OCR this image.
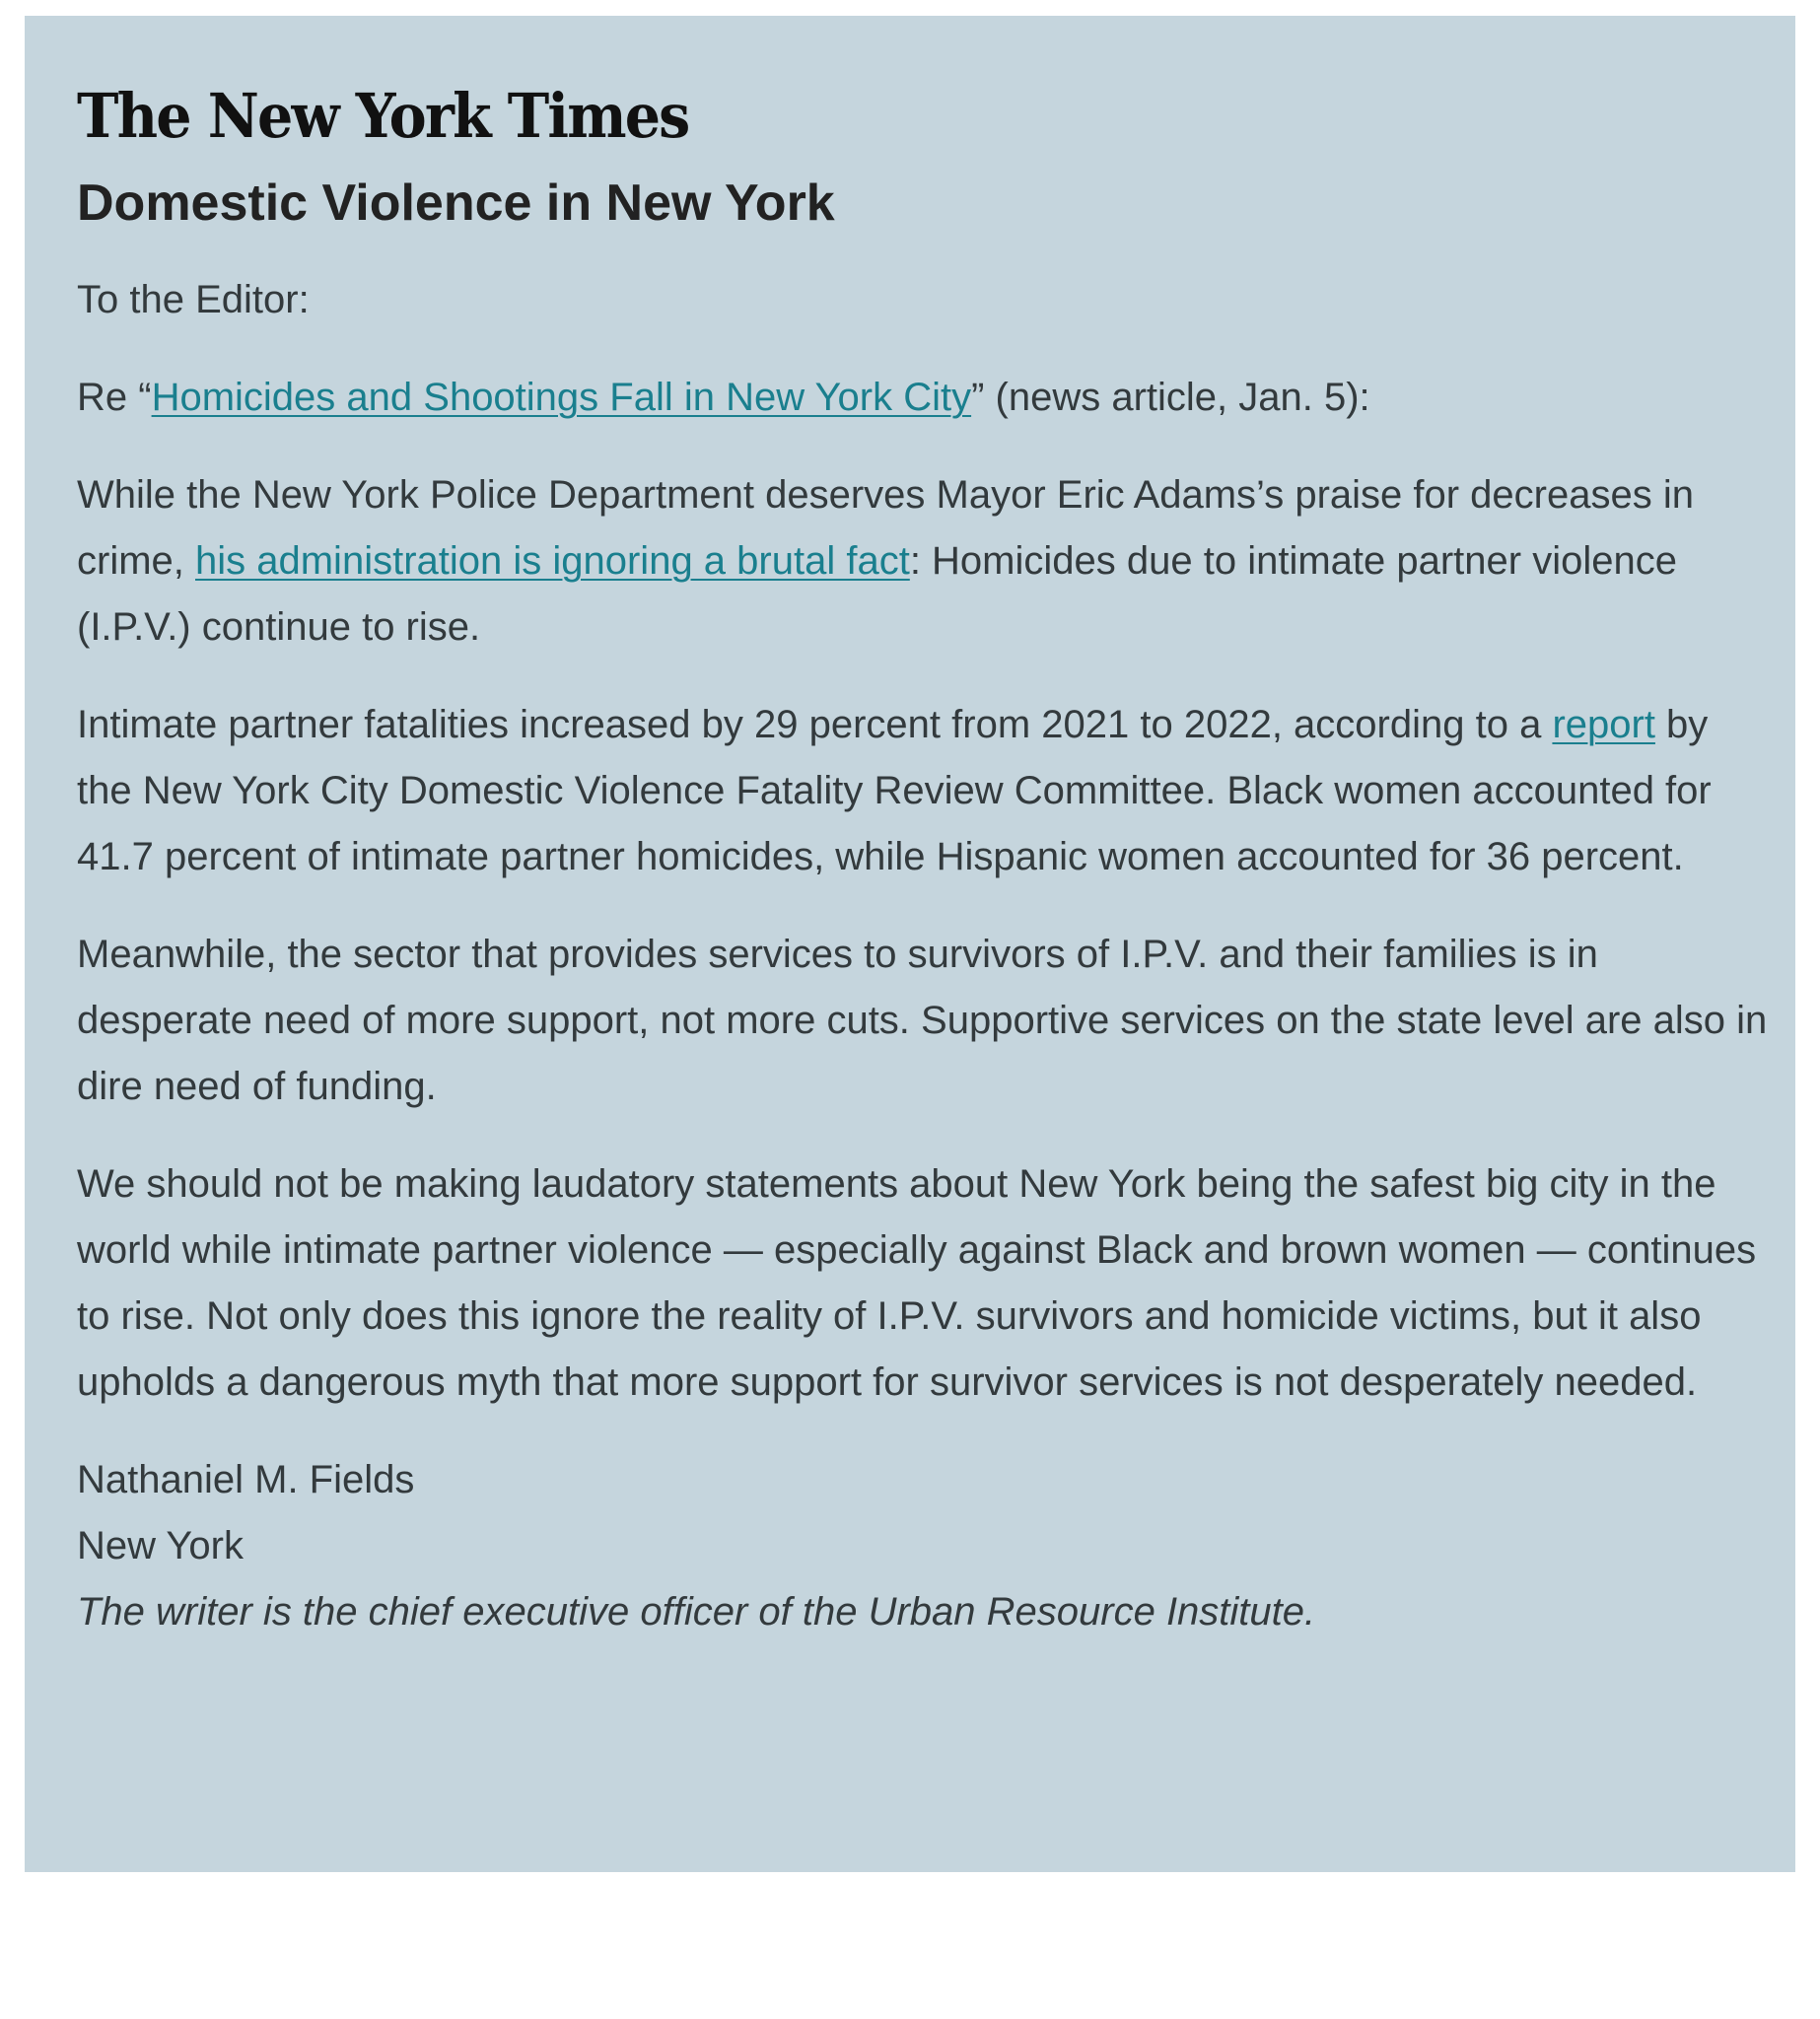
The New York Times
Domestic Violence in New York

To the Editor:

Re “Homicides and Shootings Fall in New York City” (news article, Jan. 5):

While the New York Police Department deserves Mayor Eric Adams’s praise for decreases in crime, his administration is ignoring a brutal fact: Homicides due to intimate partner violence (I.P.V.) continue to rise.

Intimate partner fatalities increased by 29 percent from 2021 to 2022, according to a report by the New York City Domestic Violence Fatality Review Committee. Black women accounted for 41.7 percent of intimate partner homicides, while Hispanic women accounted for 36 percent.

Meanwhile, the sector that provides services to survivors of I.P.V. and their families is in desperate need of more support, not more cuts. Supportive services on the state level are also in dire need of funding.

We should not be making laudatory statements about New York being the safest big city in the world while intimate partner violence — especially against Black and brown women — continues to rise. Not only does this ignore the reality of I.P.V. survivors and homicide victims, but it also upholds a dangerous myth that more support for survivor services is not desperately needed.

Nathaniel M. Fields
New York
The writer is the chief executive officer of the Urban Resource Institute.
